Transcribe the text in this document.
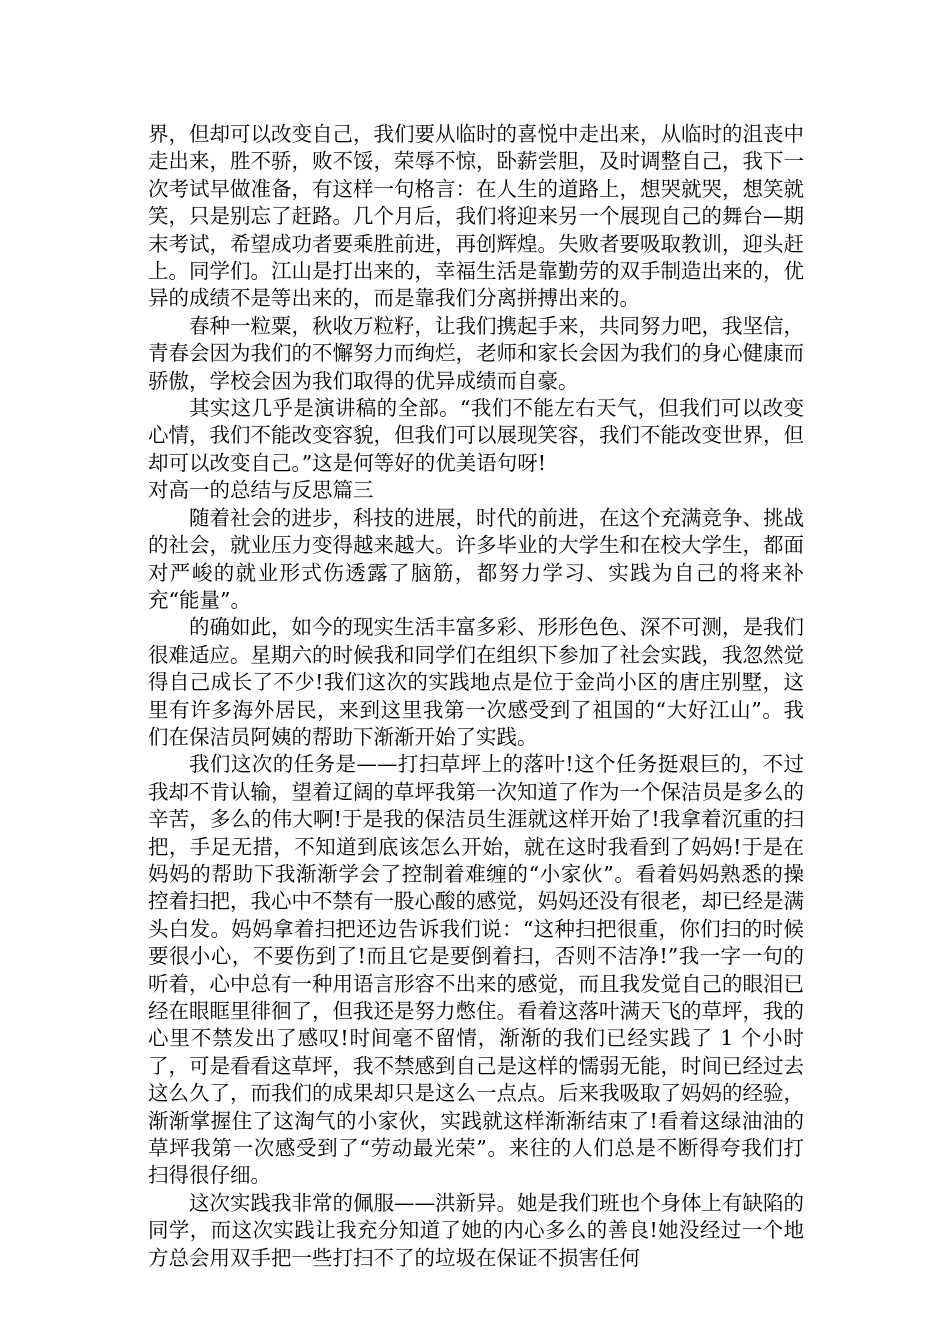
界，但却可以改变自己，我们要从临时的喜悦中走出来，从临时的沮丧中走出来，胜不骄，败不馁，荣辱不惊，卧薪尝胆，及时调整自己，我下一次考试早做准备，有这样一句格言：在人生的道路上，想哭就哭，想笑就笑，只是别忘了赶路。几个月后，我们将迎来另一个展现自己的舞台—期末考试，希望成功者要乘胜前进，再创辉煌。失败者要吸取教训，迎头赶上。同学们。江山是打出来的，幸福生活是靠勤劳的双手制造出来的，优异的成绩不是等出来的，而是靠我们分离拼搏出来的。

春种一粒粟，秋收万粒籽，让我们携起手来，共同努力吧，我坚信，青春会因为我们的不懈努力而绚烂，老师和家长会因为我们的身心健康而骄傲，学校会因为我们取得的优异成绩而自豪。

其实这几乎是演讲稿的全部。“我们不能左右天气，但我们可以改变心情，我们不能改变容貌，但我们可以展现笑容，我们不能改变世界，但却可以改变自己。”这是何等好的优美语句呀!

对高一的总结与反思篇三

随着社会的进步，科技的进展，时代的前进，在这个充满竞争、挑战的社会，就业压力变得越来越大。许多毕业的大学生和在校大学生，都面对严峻的就业形式伤透露了脑筋，都努力学习、实践为自己的将来补充“能量”。

的确如此，如今的现实生活丰富多彩、形形色色、深不可测，是我们很难适应。星期六的时候我和同学们在组织下参加了社会实践，我忽然觉得自己成长了不少!我们这次的实践地点是位于金尚小区的唐庄别墅，这里有许多海外居民，来到这里我第一次感受到了祖国的“大好江山”。我们在保洁员阿姨的帮助下渐渐开始了实践。

我们这次的任务是——打扫草坪上的落叶!这个任务挺艰巨的，不过我却不肯认输，望着辽阔的草坪我第一次知道了作为一个保洁员是多么的辛苦，多么的伟大啊!于是我的保洁员生涯就这样开始了!我拿着沉重的扫把，手足无措，不知道到底该怎么开始，就在这时我看到了妈妈!于是在妈妈的帮助下我渐渐学会了控制着难缠的“小家伙”。看着妈妈熟悉的操控着扫把，我心中不禁有一股心酸的感觉，妈妈还没有很老，却已经是满头白发。妈妈拿着扫把还边告诉我们说：“这种扫把很重，你们扫的时候要很小心，不要伤到了!而且它是要倒着扫，否则不洁净!”我一字一句的听着，心中总有一种用语言形容不出来的感觉，而且我发觉自己的眼泪已经在眼眶里徘徊了，但我还是努力憋住。看着这落叶满天飞的草坪，我的心里不禁发出了感叹!时间毫不留情，渐渐的我们已经实践了 1 个小时了，可是看看这草坪，我不禁感到自己是这样的懦弱无能，时间已经过去这么久了，而我们的成果却只是这么一点点。后来我吸取了妈妈的经验，渐渐掌握住了这淘气的小家伙，实践就这样渐渐结束了!看着这绿油油的草坪我第一次感受到了“劳动最光荣”。来往的人们总是不断得夸我们打扫得很仔细。

这次实践我非常的佩服——洪新异。她是我们班也个身体上有缺陷的同学，而这次实践让我充分知道了她的内心多么的善良!她没经过一个地方总会用双手把一些打扫不了的垃圾在保证不损害任何
